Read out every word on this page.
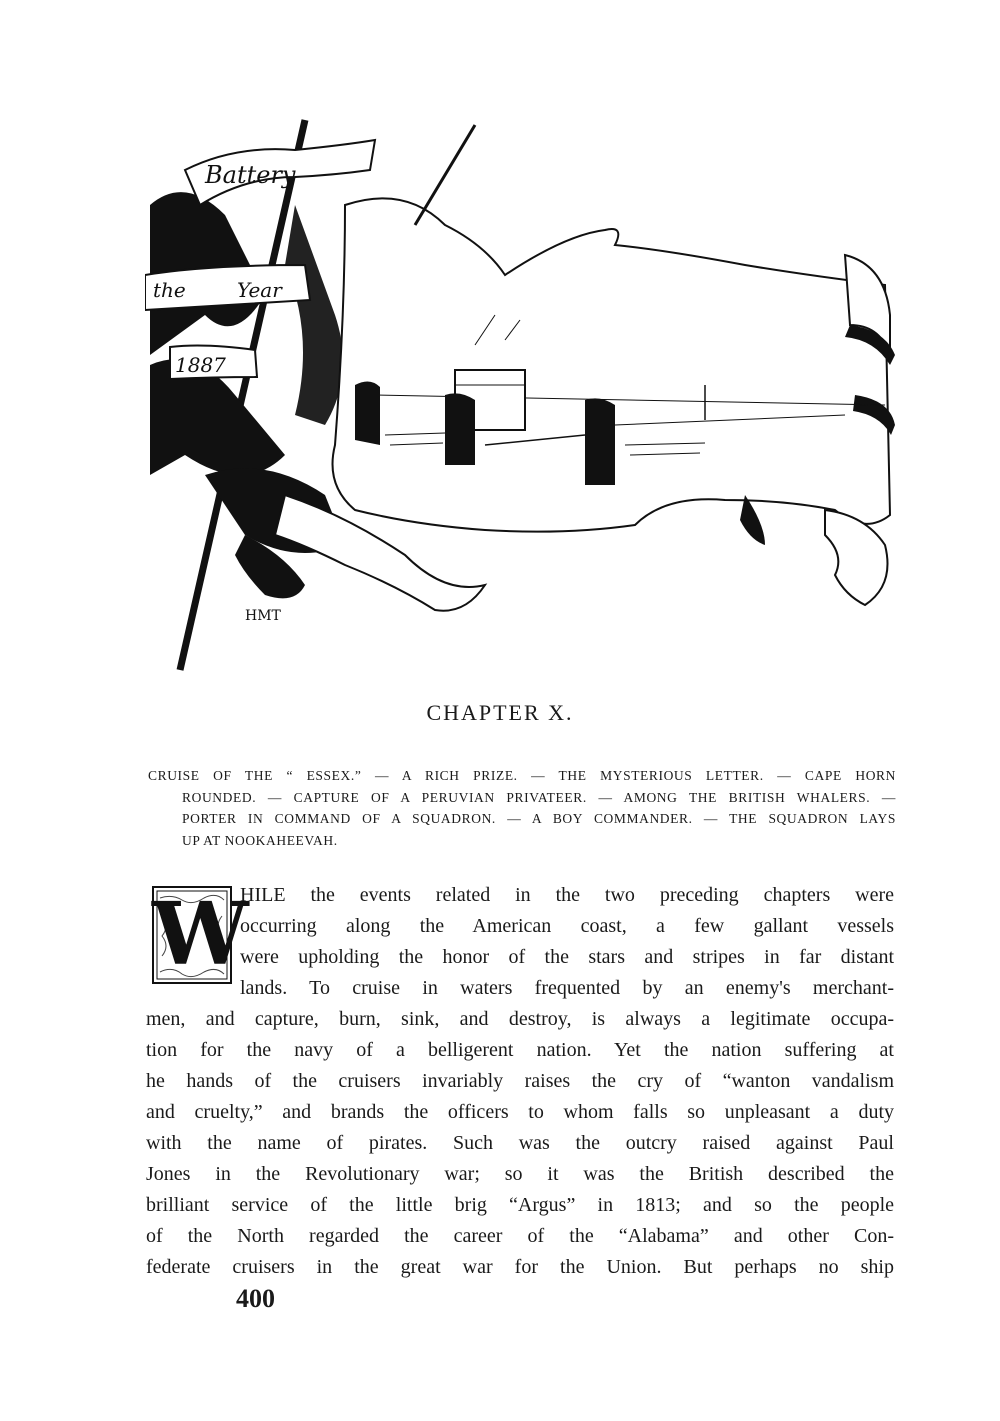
Battery
the	Year
1887
HMT
CHAPTER X.
CRUISE OF THE “ ESSEX.” — A RICH PRIZE. — THE MYSTERIOUS LETTER. — CAPE HORN
ROUNDED. — CAPTURE OF A PERUVIAN PRIVATEER. — AMONG THE BRITISH WHALERS. —
PORTER IN COMMAND OF A SQUADRON. — A BOY COMMANDER. — THE SQUADRON LAYS
UP AT NOOKAHEEVAH.
W
HILE the events related in the two preceding chapters were
occurring along the American coast, a few gallant vessels
were upholding the honor of the stars and stripes in far distant
lands. To cruise in waters frequented by an enemy's merchant-
men, and capture, burn, sink, and destroy, is always a legitimate occupa-
tion for the navy of a belligerent nation. Yet the nation suffering at
he hands of the cruisers invariably raises the cry of “wanton vandalism
and cruelty,” and brands the officers to whom falls so unpleasant a duty
with the name of pirates. Such was the outcry raised against Paul
Jones in the Revolutionary war; so it was the British described the
brilliant service of the little brig “Argus” in 1813; and so the people
of the North regarded the career of the “Alabama” and other Con-
federate cruisers in the great war for the Union. But perhaps no ship
400
